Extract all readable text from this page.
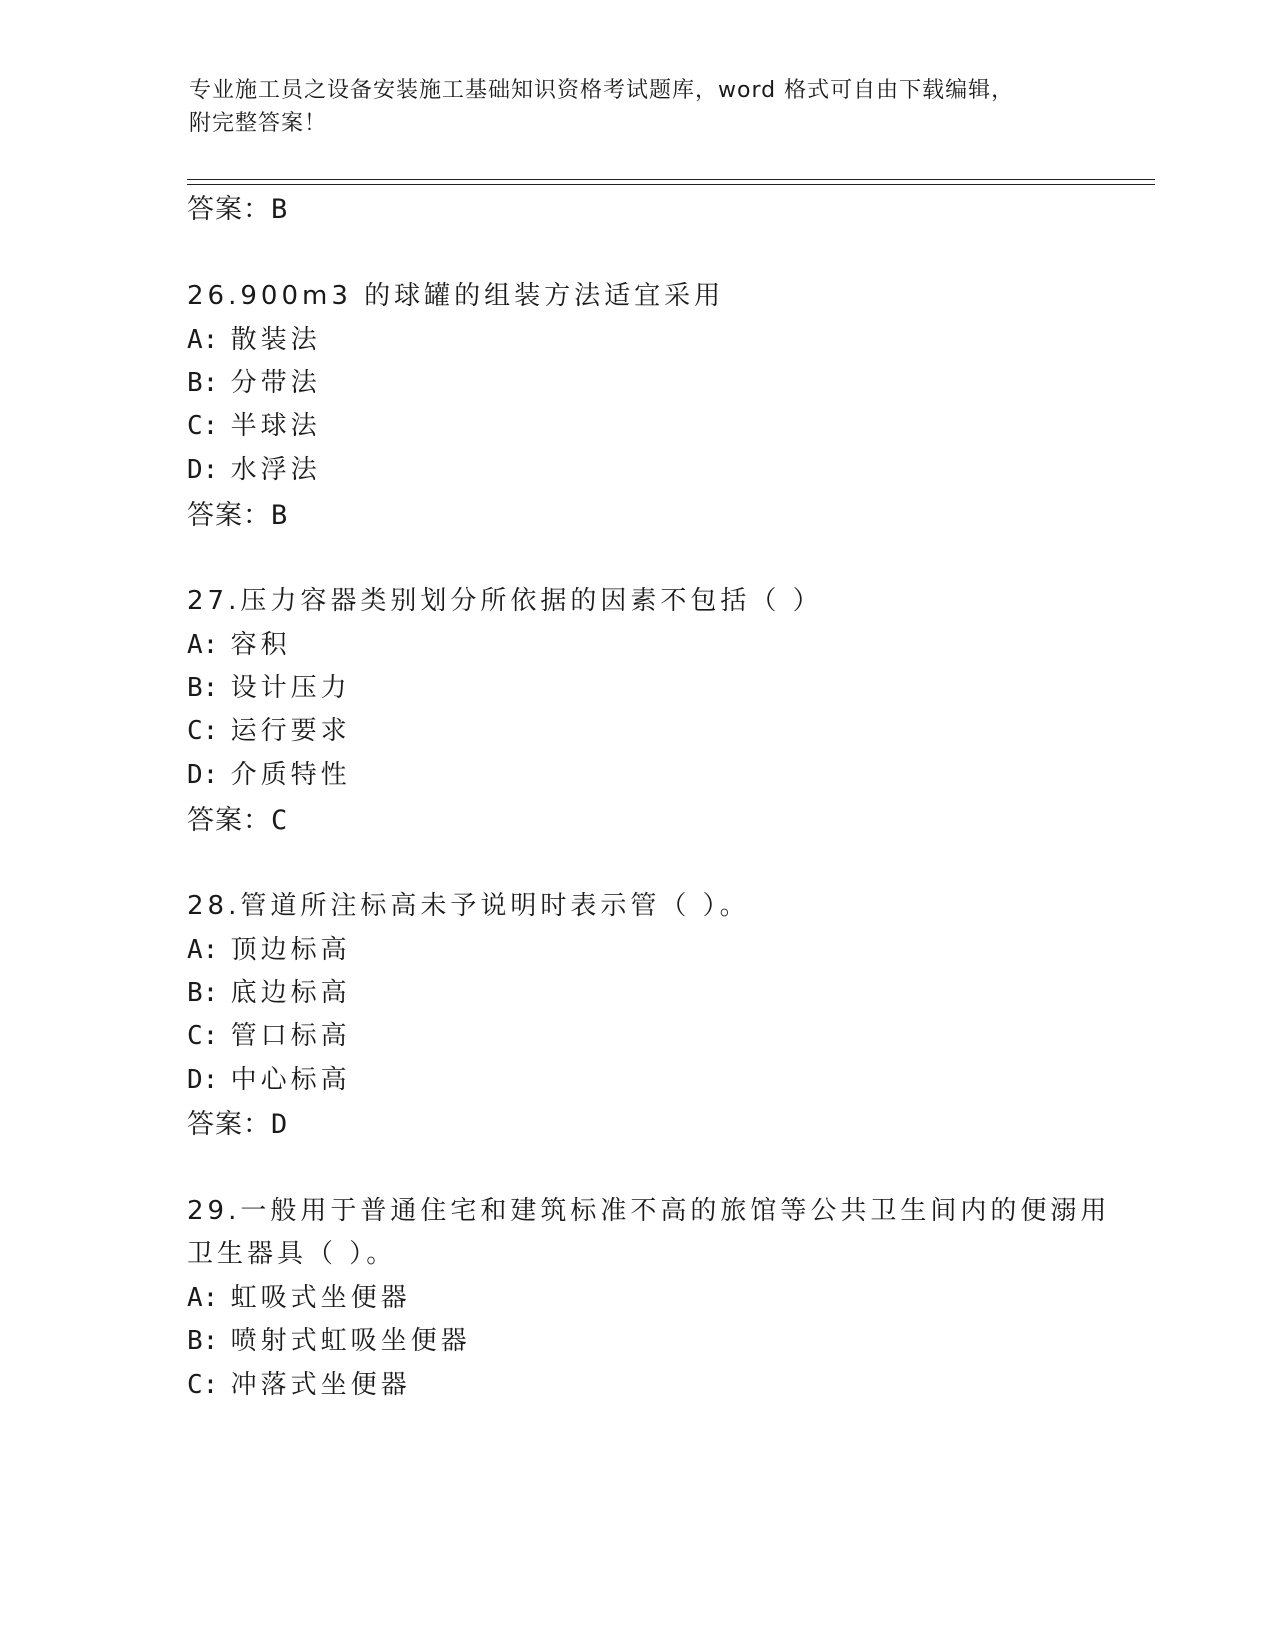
专业施工员之设备安装施工基础知识资格考试题库，word 格式可自由下载编辑，
附完整答案！
答案：B
26.900m3 的球罐的组装方法适宜采用
A: 散装法
B: 分带法
C: 半球法
D: 水浮法
答案：B
27.压力容器类别划分所依据的因素不包括（ ）
A: 容积
B: 设计压力
C: 运行要求
D: 介质特性
答案：C
28.管道所注标高未予说明时表示管（ ）。
A: 顶边标高
B: 底边标高
C: 管口标高
D: 中心标高
答案：D
29.一般用于普通住宅和建筑标准不高的旅馆等公共卫生间内的便溺用
卫生器具（ ）。
A: 虹吸式坐便器
B: 喷射式虹吸坐便器
C: 冲落式坐便器
